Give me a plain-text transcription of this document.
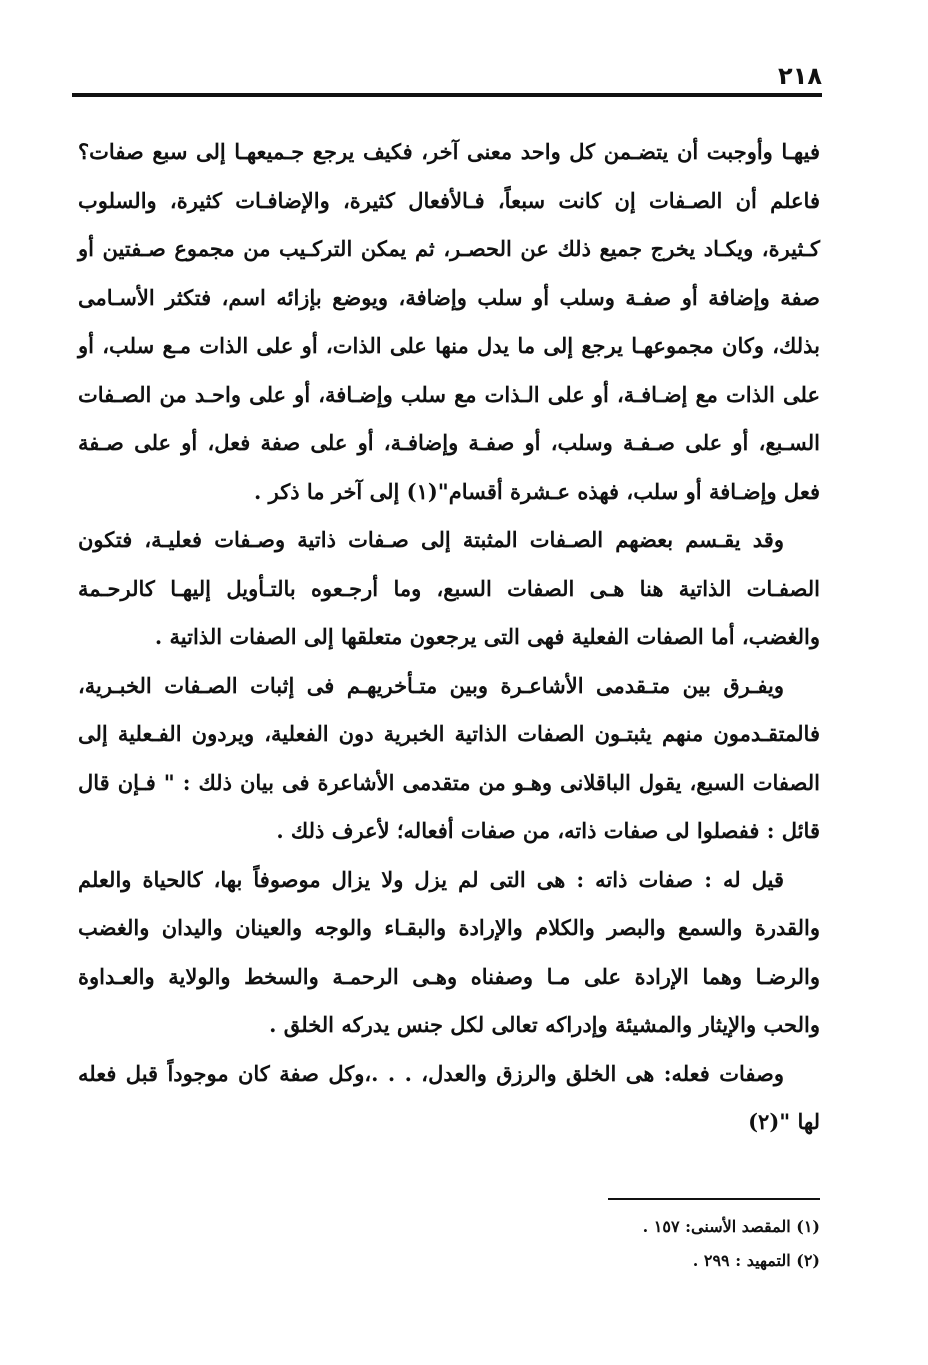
٢١٨

فيهـا وأوجبت أن يتضـمن كل واحد معنى آخر، فكيف يرجع جـميعهـا إلى سبع صفات؟ فاعلم أن الصـفات إن كانت سبعاً، فـالأفعال كثيرة، والإضافـات كثيرة، والسلوب كـثيرة، ويكـاد يخرج جميع ذلك عن الحصـر، ثم يمكن التركـيب من مجموع صـفتين أو صفة وإضافة أو صفـة وسلب أو سلب وإضافة، ويوضع بإزائه اسم، فتكثر الأسـامى بذلك، وكان مجموعهـا يرجع إلى ما يدل منها على الذات، أو على الذات مـع سلب، أو على الذات مع إضـافـة، أو على الـذات مع سلب وإضـافة، أو على واحـد من الصـفات السـبع، أو على صـفـة وسلب، أو صفـة وإضافـة، أو على صفة فعل، أو على صـفة فعل وإضـافة أو سلب، فهذه عـشرة أقسام"(١) إلى آخر ما ذكر .

وقد يقـسم بعضهم الصـفات المثبتة إلى صـفات ذاتية وصـفات فعليـة، فتكون الصفـات الذاتية هنا هـى الصفات السبع، وما أرجـعوه بالتـأويل إليهـا كالرحـمة والغضب، أما الصفات الفعلية فهى التى يرجعون متعلقها إلى الصفات الذاتية .

ويفـرق بين متـقدمى الأشاعـرة وبين متـأخريهـم فى إثبات الصـفات الخبـرية، فالمتقـدمون منهم يثبتـون الصفات الذاتية الخبرية دون الفعلية، ويردون الفـعلية إلى الصفات السبع، يقول الباقلانى وهـو من متقدمى الأشاعرة فى بيان ذلك : " فـإن قال قائل : ففصلوا لى صفات ذاته، من صفات أفعاله؛ لأعرف ذلك .

قيل له : صفات ذاته : هى التى لم يزل ولا يزال موصوفاً بها، كالحياة والعلم والقدرة والسمع والبصر والكلام والإرادة والبقـاء والوجه والعينان واليدان والغضب والرضـا وهما الإرادة على مـا وصفناه وهـى الرحمـة والسخط والولاية والعـداوة والحب والإيثار والمشيئة وإدراكه تعالى لكل جنس يدركه الخلق .

وصفات فعله: هى الخلق والرزق والعدل، . . .،وكل صفة كان موجوداً قبل فعله لها "(٢)

(١) المقصد الأسنى: ١٥٧ .

(٢) التمهيد : ٢٩٩ .
